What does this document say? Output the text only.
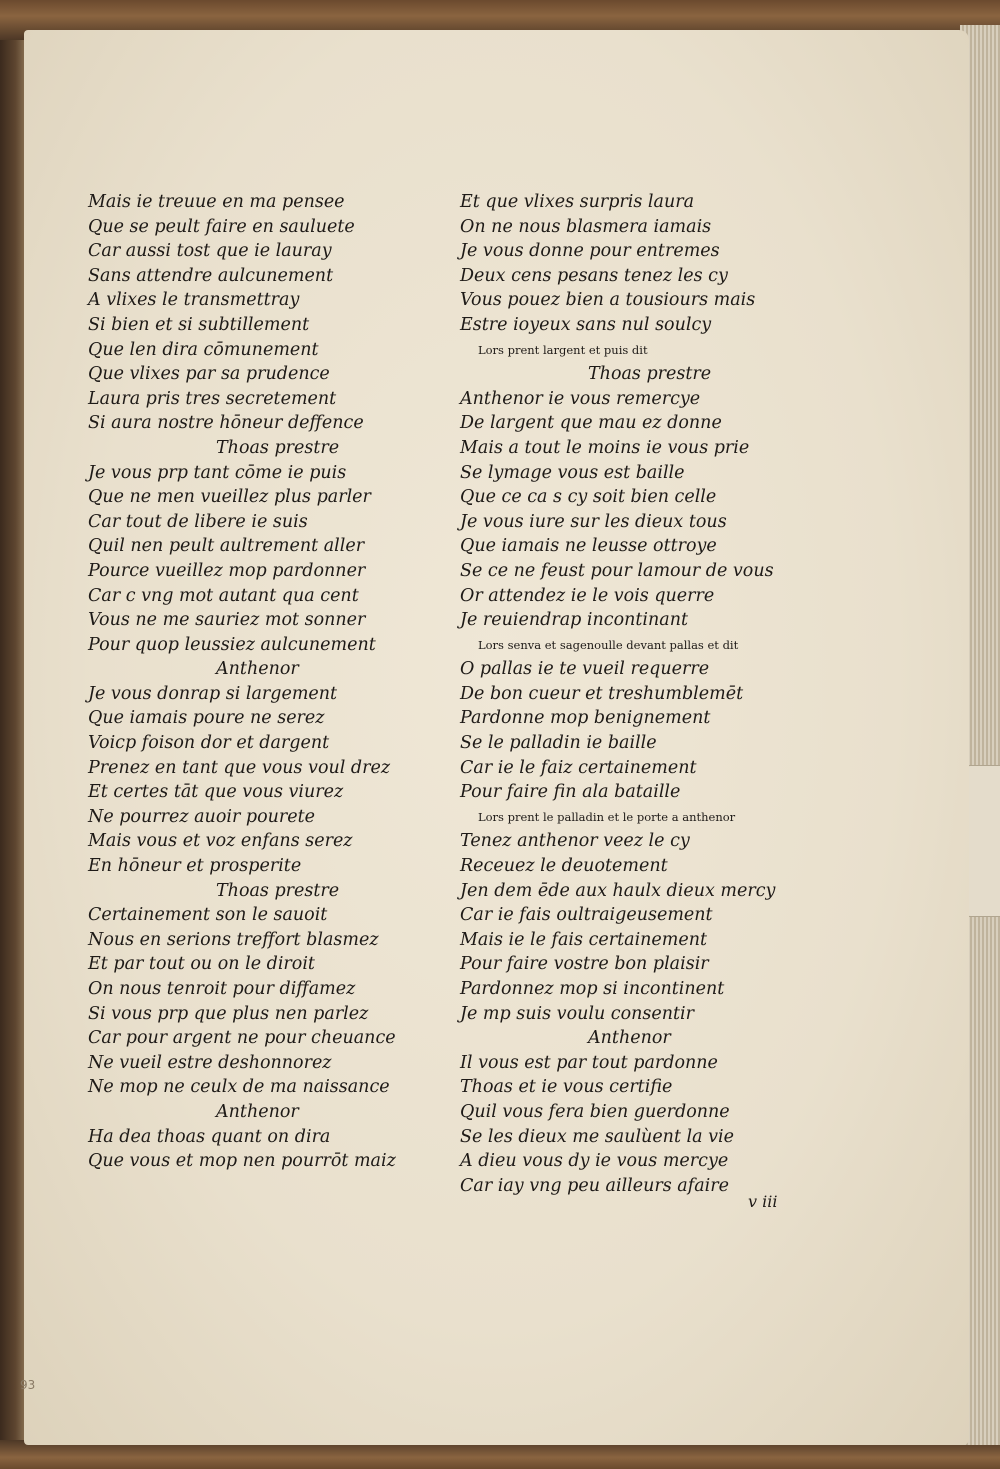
Mais ie treuue en ma pensee
Que se peult faire en sauluete
Car aussi tost que ie lauray
Sans attendre aulcunement
A vlixes le transmettray
Si bien et si subtillement
Que len dira cōmunement
Que vlixes par sa prudence
Laura pris tres secretement
Si aura nostre hōneur deffence
Thoas prestre
Je vous prp tant cōme ie puis
Que ne men vueillez plus parler
Car tout de libere ie suis
Quil nen peult aultrement aller
Pource vueillez mop pardonner
Car c vng mot autant qua cent
Vous ne me sauriez mot sonner
Pour quop leussiez aulcunement
Anthenor
Je vous donrap si largement
Que iamais poure ne serez
Voicp foison dor et dargent
Prenez en tant que vous voul drez
Et certes tāt que vous viurez
Ne pourrez auoir pourete
Mais vous et voz enfans serez
En hōneur et prosperite
Thoas prestre
Certainement son le sauoit
Nous en serions treffort blasmez
Et par tout ou on le diroit
On nous tenroit pour diffamez
Si vous prp que plus nen parlez
Car pour argent ne pour cheuance
Ne vueil estre deshonnorez
Ne mop ne ceulx de ma naissance
Anthenor
Ha dea thoas quant on dira
Que vous et mop nen pourrōt maiz
Et que vlixes surpris laura
On ne nous blasmera iamais
Je vous donne pour entremes
Deux cens pesans tenez les cy
Vous pouez bien a tousiours mais
Estre ioyeux sans nul soulcy
Lors prent largent et puis dit
Thoas prestre
Anthenor ie vous remercye
De largent que mau ez donne
Mais a tout le moins ie vous prie
Se lymage vous est baille
Que ce ca s cy soit bien celle
Je vous iure sur les dieux tous
Que iamais ne leusse ottroye
Se ce ne feust pour lamour de vous
Or attendez ie le vois querre
Je reuiendrap incontinant
Lors senva et sagenoulle devant pallas et dit
O pallas ie te vueil requerre
De bon cueur et treshumblemēt
Pardonne mop benignement
Se le palladin ie baille
Car ie le faiz certainement
Pour faire fin ala bataille
Lors prent le palladin et le porte a anthenor
Tenez anthenor veez le cy
Receuez le deuotement
Jen dem ēde aux haulx dieux mercy
Car ie fais oultraigeusement
Mais ie le fais certainement
Pour faire vostre bon plaisir
Pardonnez mop si incontinent
Je mp suis voulu consentir
Anthenor
Il vous est par tout pardonne
Thoas et ie vous certifie
Quil vous fera bien guerdonne
Se les dieux me saulùent la vie
A dieu vous dy ie vous mercye
Car iay vng peu ailleurs afaire
v iii
93
